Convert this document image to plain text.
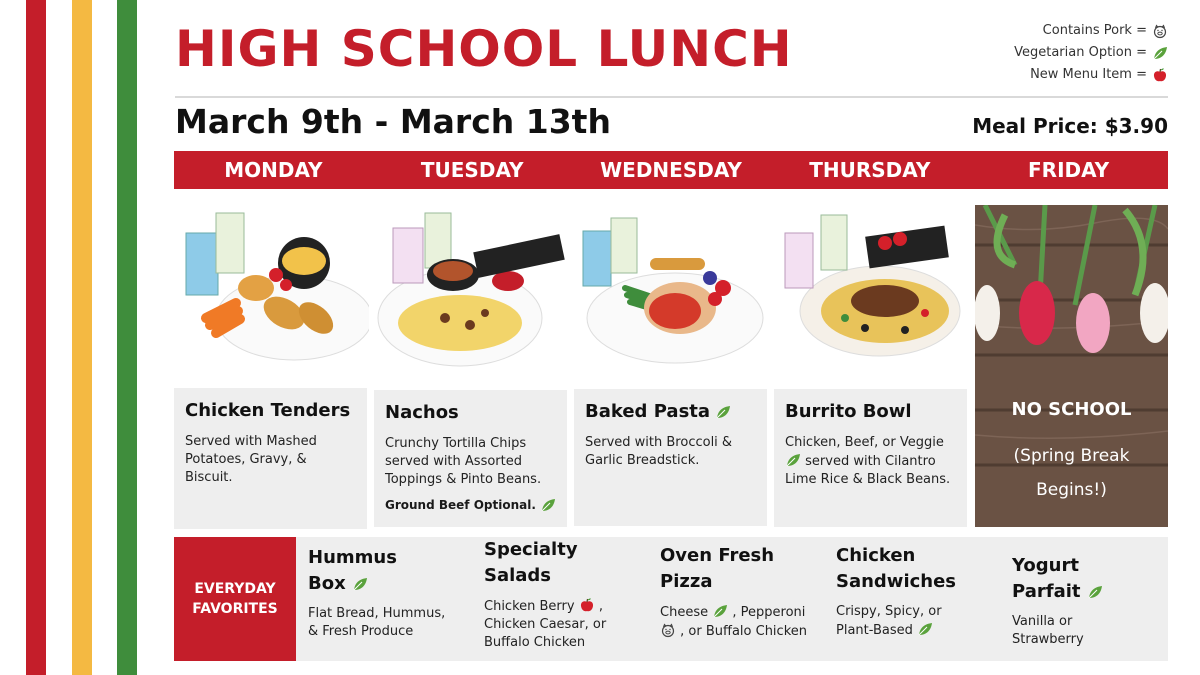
HIGH SCHOOL LUNCH
March 9th - March 13th	Meal Price: $3.90
Contains Pork =
Vegetarian Option =
New Menu Item =
MONDAY	TUESDAY	WEDNESDAY	THURSDAY	FRIDAY
Chicken Tenders
Served with Mashed Potatoes, Gravy, & Biscuit.
Nachos
Crunchy Tortilla Chips served with Assorted Toppings & Pinto Beans.
Ground Beef Optional.
Baked Pasta
Served with Broccoli & Garlic Breadstick.
Burrito Bowl
Chicken, Beef, or Veggie  served with Cilantro Lime Rice & Black Beans.
NO SCHOOL
(Spring Break
Begins!)
EVERYDAY
FAVORITES
Hummus
Box
Flat Bread, Hummus, & Fresh Produce
Specialty
Salads
Chicken Berry , Chicken Caesar, or Buffalo Chicken
Oven Fresh
Pizza
Cheese , Pepperoni  , or Buffalo Chicken
Chicken
Sandwiches
Crispy, Spicy, or Plant-Based
Yogurt
Parfait
Vanilla or Strawberry
